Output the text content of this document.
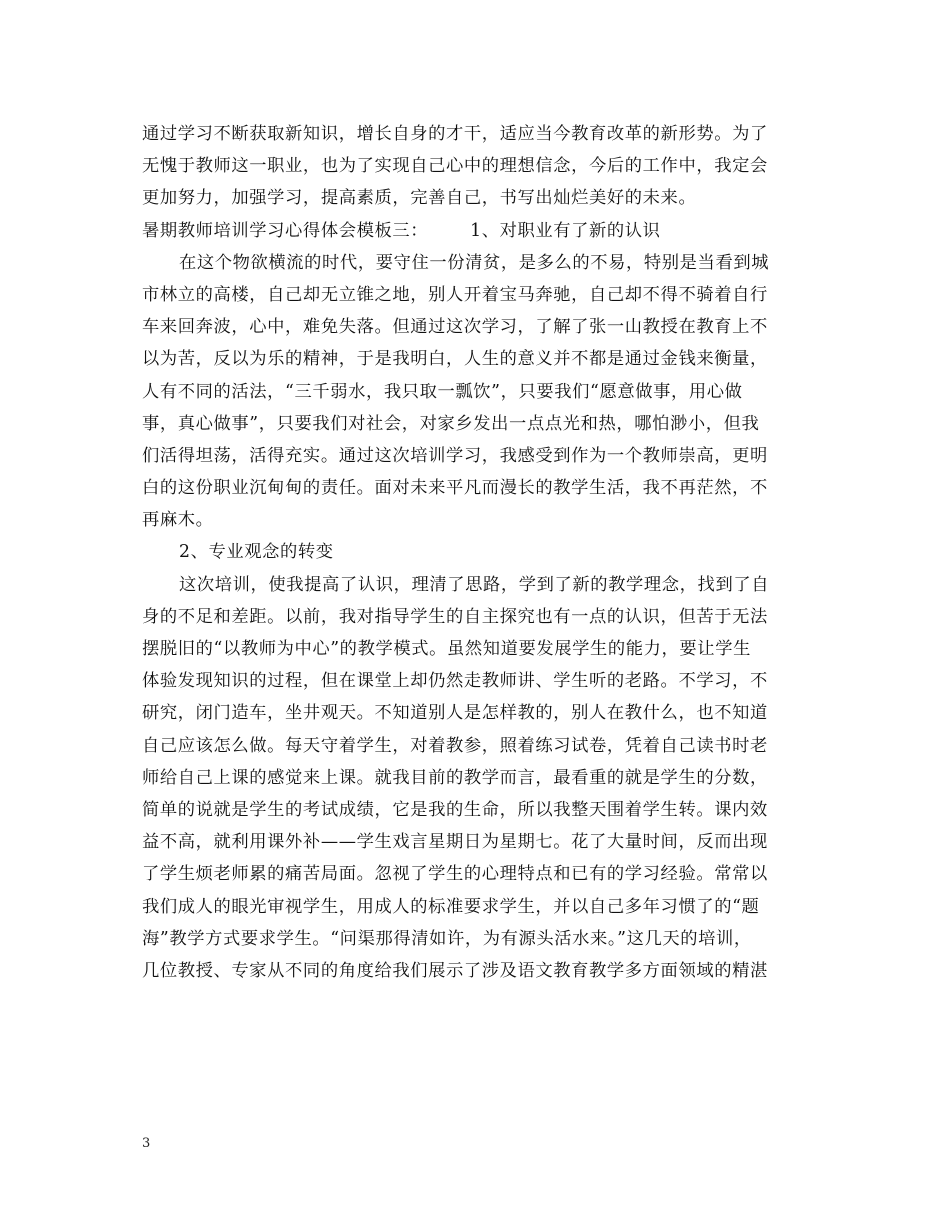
通过学习不断获取新知识，增长自身的才干，适应当今教育改革的新形势。为了
无愧于教师这一职业，也为了实现自己心中的理想信念，今后的工作中，我定会
更加努力，加强学习，提高素质，完善自己，书写出灿烂美好的未来。
暑期教师培训学习心得体会模板三： 1、对职业有了新的认识
在这个物欲横流的时代，要守住一份清贫，是多么的不易，特别是当看到城
市林立的高楼，自己却无立锥之地，别人开着宝马奔驰，自己却不得不骑着自行
车来回奔波，心中，难免失落。但通过这次学习，了解了张一山教授在教育上不
以为苦，反以为乐的精神，于是我明白，人生的意义并不都是通过金钱来衡量，
人有不同的活法，“三千弱水，我只取一瓢饮”，只要我们“愿意做事，用心做
事，真心做事”，只要我们对社会，对家乡发出一点点光和热，哪怕渺小，但我
们活得坦荡，活得充实。通过这次培训学习，我感受到作为一个教师崇高，更明
白的这份职业沉甸甸的责任。面对未来平凡而漫长的教学生活，我不再茫然，不
再麻木。
2、专业观念的转变
这次培训，使我提高了认识，理清了思路，学到了新的教学理念，找到了自
身的不足和差距。以前，我对指导学生的自主探究也有一点的认识，但苦于无法
摆脱旧的“以教师为中心”的教学模式。虽然知道要发展学生的能力，要让学生
体验发现知识的过程，但在课堂上却仍然走教师讲、学生听的老路。不学习，不
研究，闭门造车，坐井观天。不知道别人是怎样教的，别人在教什么，也不知道
自己应该怎么做。每天守着学生，对着教参，照着练习试卷，凭着自己读书时老
师给自己上课的感觉来上课。就我目前的教学而言，最看重的就是学生的分数，
简单的说就是学生的考试成绩，它是我的生命，所以我整天围着学生转。课内效
益不高，就利用课外补——学生戏言星期日为星期七。花了大量时间，反而出现
了学生烦老师累的痛苦局面。忽视了学生的心理特点和已有的学习经验。常常以
我们成人的眼光审视学生，用成人的标准要求学生，并以自己多年习惯了的“题
海”教学方式要求学生。“问渠那得清如许，为有源头活水来。”这几天的培训，
几位教授、专家从不同的角度给我们展示了涉及语文教育教学多方面领域的精湛
3
